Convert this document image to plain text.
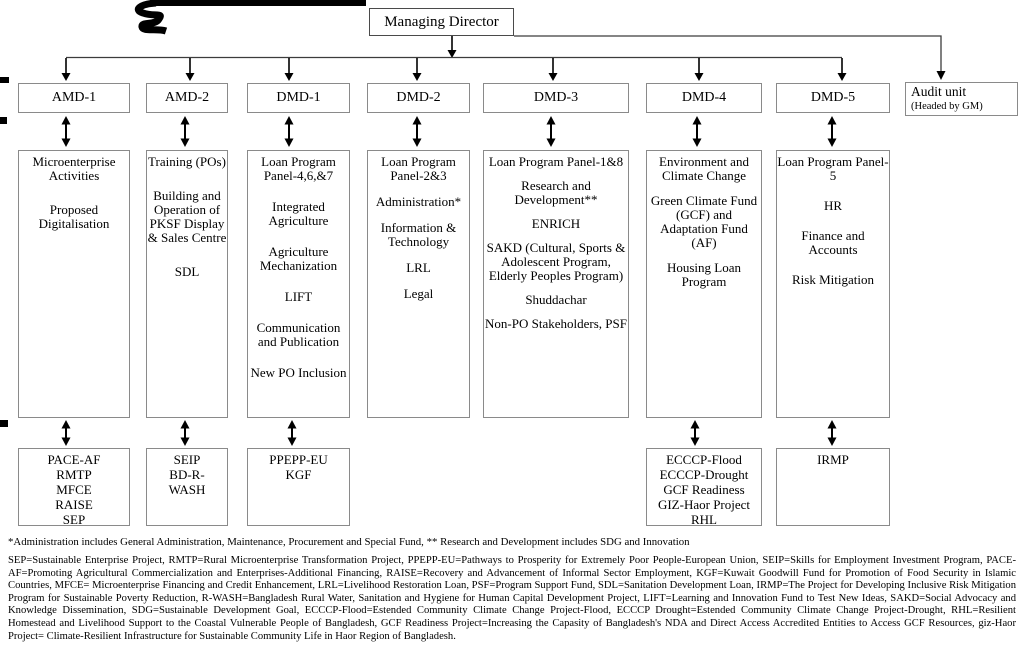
Managing Director
Audit unit
(Headed by GM)
AMD-1
Microenterprise Activities
Proposed Digitalisation
PACE-AF
RMTP
MFCE
RAISE
SEP
AMD-2
Training (POs)
Building and Operation of PKSF Display & Sales Centre
SDL
SEIP
BD-R-
WASH
DMD-1
Loan Program Panel-4,6,&7
Integrated Agriculture
Agriculture Mechanization
LIFT
Communication and Publication
New PO Inclusion
PPEPP-EU
KGF
DMD-2
Loan Program Panel-2&3
Administration*
Information & Technology
LRL
Legal
DMD-3
Loan Program Panel-1&8
Research and Development**
ENRICH
SAKD (Cultural, Sports & Adolescent Program, Elderly Peoples Program)
Shuddachar
Non-PO Stakeholders, PSF
DMD-4
Environment and Climate Change
Green Climate Fund (GCF) and Adaptation Fund (AF)
Housing Loan Program
ECCCP-Flood
ECCCP-Drought
GCF Readiness
GIZ-Haor Project
RHL
DMD-5
Loan Program Panel-5
HR
Finance and Accounts
Risk Mitigation
IRMP
*Administration includes General Administration, Maintenance, Procurement and Special Fund, ** Research and Development includes SDG and Innovation
SEP=Sustainable Enterprise Project, RMTP=Rural Microenterprise Transformation Project, PPEPP-EU=Pathways to Prosperity for Extremely Poor People-European Union, SEIP=Skills for Employment Investment Program, PACE-AF=Promoting Agricultural Commercialization and Enterprises-Additional Financing, RAISE=Recovery and Advancement of Informal Sector Employment, KGF=Kuwait Goodwill Fund for Promotion of Food Security in Islamic Countries, MFCE= Microenterprise Financing and Credit Enhancement, LRL=Livelihood Restoration Loan, PSF=Program Support Fund, SDL=Sanitation Development Loan, IRMP=The Project for Developing Inclusive Risk Mitigation Program for Sustainable Poverty Reduction, R-WASH=Bangladesh Rural Water, Sanitation and Hygiene for Human Capital Development Project, LIFT=Learning and Innovation Fund to Test New Ideas, SAKD=Social Advocacy and Knowledge Dissemination, SDG=Sustainable Development Goal, ECCCP-Flood=Estended Community Climate Change Project-Flood, ECCCP Drought=Estended Community Climate Change Project-Drought, RHL=Resilient Homestead and Livelihood Support to the Coastal Vulnerable People of Bangladesh, GCF Readiness Project=Increasing the Capasity of Bangladesh's NDA and Direct Access Accredited Entities to Access GCF Resources, giz-Haor Project= Climate-Resilient Infrastructure for Sustainable Community Life in Haor Region of Bangladesh.
